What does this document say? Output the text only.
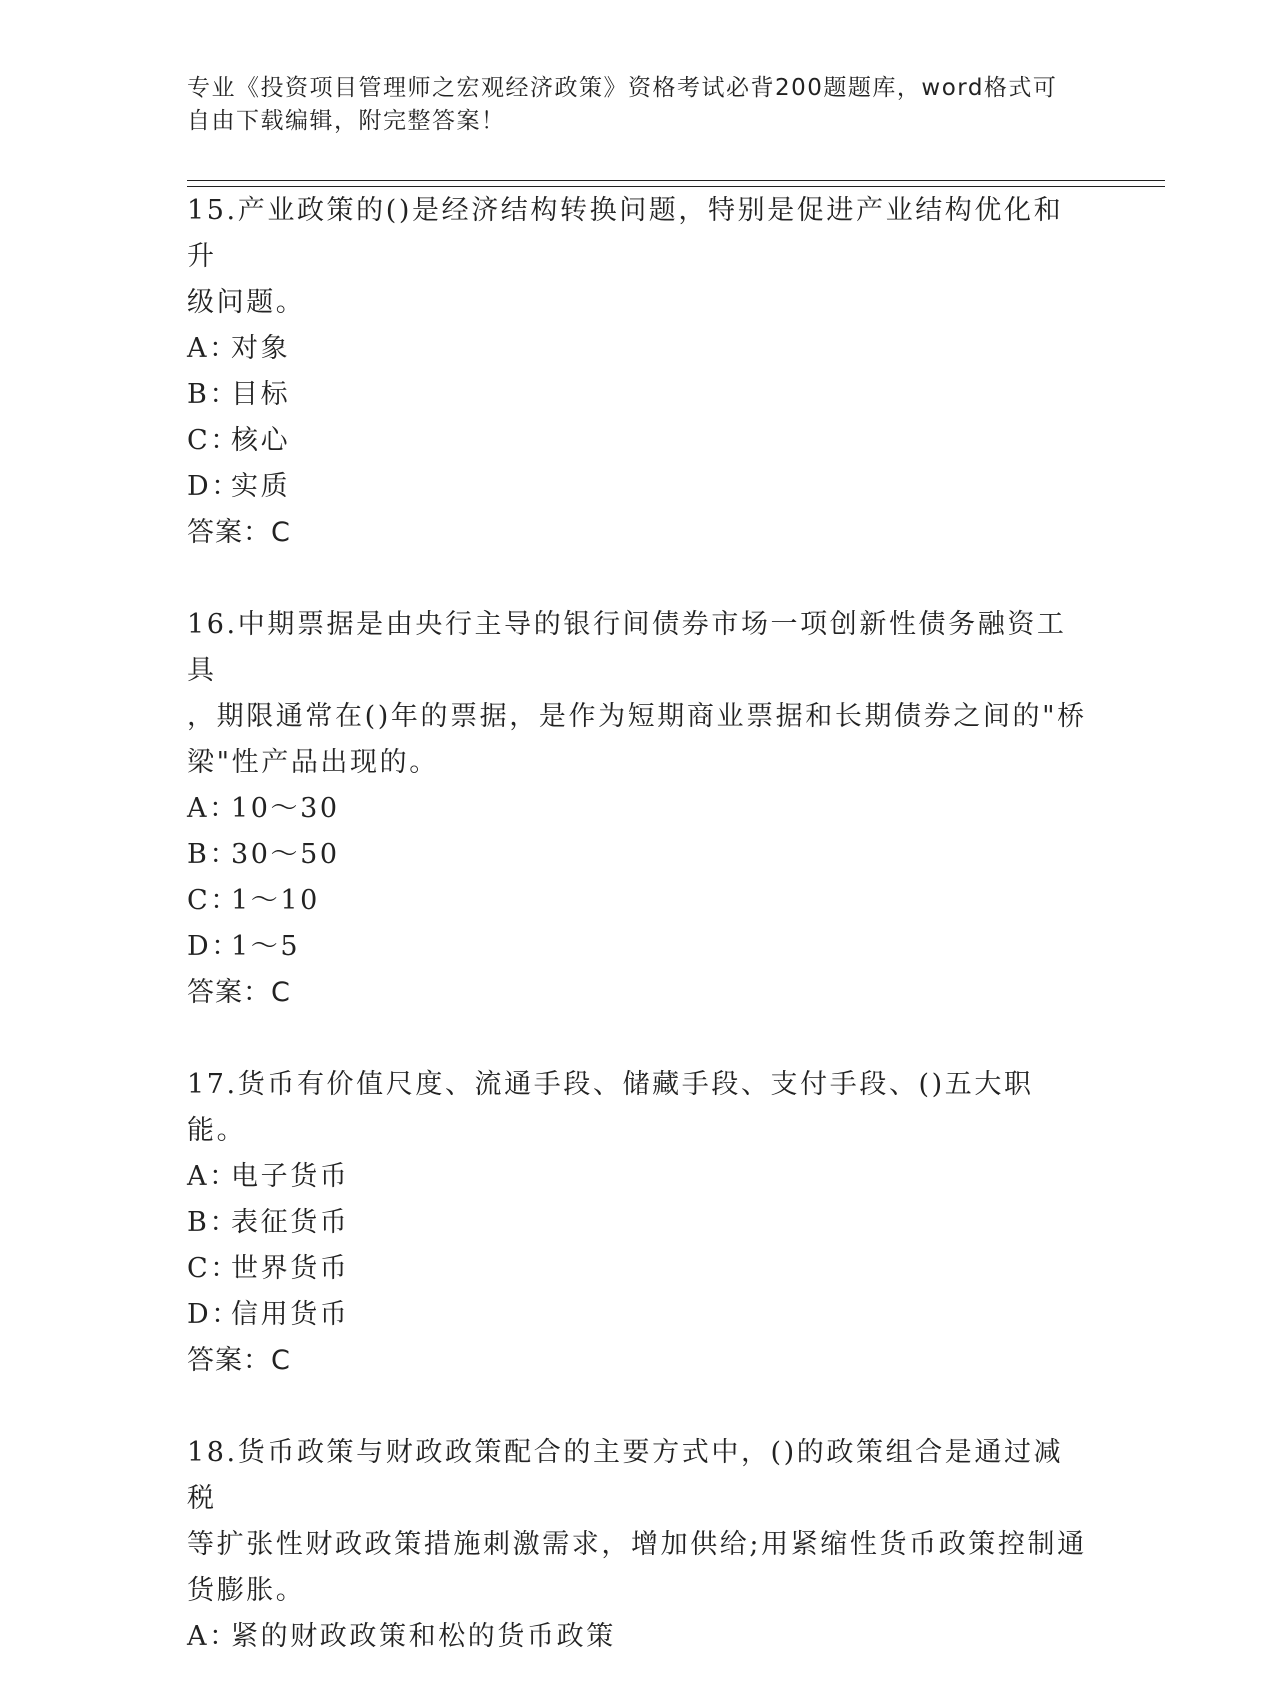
专业《投资项目管理师之宏观经济政策》资格考试必背200题题库，word格式可
自由下载编辑，附完整答案！
15.产业政策的()是经济结构转换问题，特别是促进产业结构优化和升
级问题。
A：
对象
B：
目标
C：
核心
D：
实质
答案：C
16.中期票据是由央行主导的银行间债券市场一项创新性债务融资工具
，期限通常在()年的票据，是作为短期商业票据和长期债券之间的"桥
梁"性产品出现的。
A：
10～30
B：
30～50
C：
1～10
D：
1～5
答案：C
17.货币有价值尺度、流通手段、储藏手段、支付手段、()五大职能。
A：
电子货币
B：
表征货币
C：
世界货币
D：
信用货币
答案：C
18.货币政策与财政政策配合的主要方式中，()的政策组合是通过减税
等扩张性财政政策措施刺激需求，增加供给;用紧缩性货币政策控制通
货膨胀。
A：
紧的财政政策和松的货币政策
